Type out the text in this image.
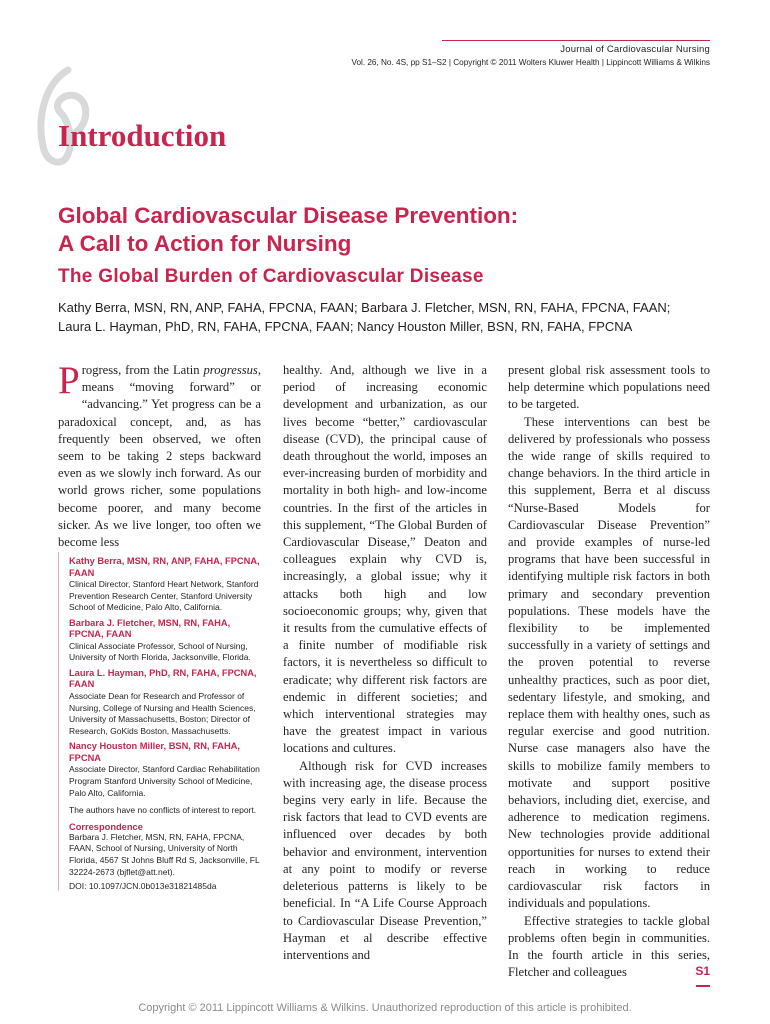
Journal of Cardiovascular Nursing
Vol. 26, No. 4S, pp S1–S2 | Copyright © 2011 Wolters Kluwer Health | Lippincott Williams & Wilkins
Introduction
Global Cardiovascular Disease Prevention:
A Call to Action for Nursing
The Global Burden of Cardiovascular Disease
Kathy Berra, MSN, RN, ANP, FAHA, FPCNA, FAAN; Barbara J. Fletcher, MSN, RN, FAHA, FPCNA, FAAN;
Laura L. Hayman, PhD, RN, FAHA, FPCNA, FAAN; Nancy Houston Miller, BSN, RN, FAHA, FPCNA

Progress, from the Latin progressus, means “moving forward” or “advancing.” Yet progress can be a paradoxical concept, and, as has frequently been observed, we often seem to be taking 2 steps backward even as we slowly inch forward. As our world grows richer, some populations become poorer, and many become sicker. As we live longer, too often we become less

Kathy Berra, MSN, RN, ANP, FAHA, FPCNA, FAAN
Clinical Director, Stanford Heart Network, Stanford Prevention Research Center, Stanford University School of Medicine, Palo Alto, California.
Barbara J. Fletcher, MSN, RN, FAHA, FPCNA, FAAN
Clinical Associate Professor, School of Nursing, University of North Florida, Jacksonville, Florida.
Laura L. Hayman, PhD, RN, FAHA, FPCNA, FAAN
Associate Dean for Research and Professor of Nursing, College of Nursing and Health Sciences, University of Massachusetts, Boston; Director of Research, GoKids Boston, Massachusetts.
Nancy Houston Miller, BSN, RN, FAHA, FPCNA
Associate Director, Stanford Cardiac Rehabilitation Program Stanford University School of Medicine, Palo Alto, California.
The authors have no conflicts of interest to report.
Correspondence
Barbara J. Fletcher, MSN, RN, FAHA, FPCNA, FAAN, School of Nursing, University of North Florida, 4567 St Johns Bluff Rd S, Jacksonville, FL 32224-2673 (bjflet@att.net).
DOI: 10.1097/JCN.0b013e31821485da

healthy. And, although we live in a period of increasing economic development and urbanization, as our lives become “better,” cardiovascular disease (CVD), the principal cause of death throughout the world, imposes an ever-increasing burden of morbidity and mortality in both high- and low-income countries. In the first of the articles in this supplement, “The Global Burden of Cardiovascular Disease,” Deaton and colleagues explain why CVD is, increasingly, a global issue; why it attacks both high and low socioeconomic groups; why, given that it results from the cumulative effects of a finite number of modifiable risk factors, it is nevertheless so difficult to eradicate; why different risk factors are endemic in different societies; and which interventional strategies may have the greatest impact in various locations and cultures.

Although risk for CVD increases with increasing age, the disease process begins very early in life. Because the risk factors that lead to CVD events are influenced over decades by both behavior and environment, intervention at any point to modify or reverse deleterious patterns is likely to be beneficial. In “A Life Course Approach to Cardiovascular Disease Prevention,” Hayman et al describe effective interventions and

present global risk assessment tools to help determine which populations need to be targeted.

These interventions can best be delivered by professionals who possess the wide range of skills required to change behaviors. In the third article in this supplement, Berra et al discuss “Nurse-Based Models for Cardiovascular Disease Prevention” and provide examples of nurse-led programs that have been successful in identifying multiple risk factors in both primary and secondary prevention populations. These models have the flexibility to be implemented successfully in a variety of settings and the proven potential to reverse unhealthy practices, such as poor diet, sedentary lifestyle, and smoking, and replace them with healthy ones, such as regular exercise and good nutrition. Nurse case managers also have the skills to mobilize family members to motivate and support positive behaviors, including diet, exercise, and adherence to medication regimens. New technologies provide additional opportunities for nurses to extend their reach in working to reduce cardiovascular risk factors in individuals and populations.

Effective strategies to tackle global problems often begin in communities. In the fourth article in this series, Fletcher and colleagues	S1
Copyright © 2011 Lippincott Williams & Wilkins. Unauthorized reproduction of this article is prohibited.
